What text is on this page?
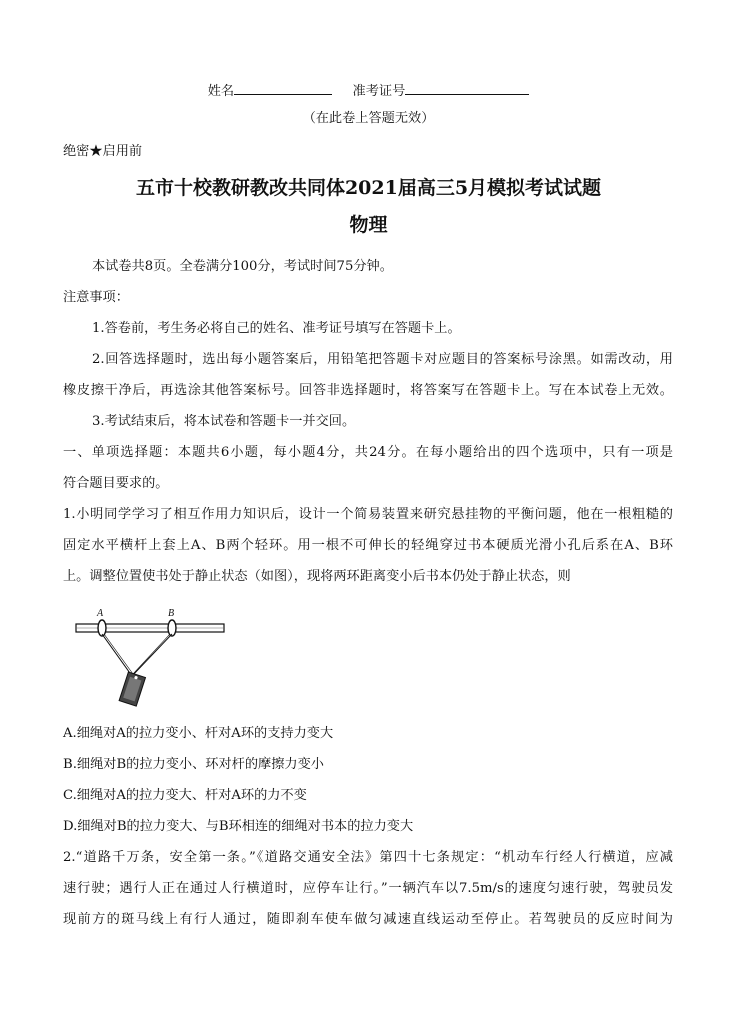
姓名	准考证号
（在此卷上答题无效）
绝密★启用前
五市十校教研教改共同体2021届高三5月模拟考试试题
物理
本试卷共8页。全卷满分100分，考试时间75分钟。
注意事项：
1.答卷前，考生务必将自己的姓名、准考证号填写在答题卡上。
2.回答选择题时，选出每小题答案后，用铅笔把答题卡对应题目的答案标号涂黑。如需改动，用
橡皮擦干净后，再选涂其他答案标号。回答非选择题时，将答案写在答题卡上。写在本试卷上无效。
3.考试结束后，将本试卷和答题卡一并交回。
一、单项选择题：本题共6小题，每小题4分，共24分。在每小题给出的四个选项中，只有一项是
符合题目要求的。
1.小明同学学习了相互作用力知识后，设计一个简易装置来研究悬挂物的平衡问题，他在一根粗糙的
固定水平横杆上套上A、B两个轻环。用一根不可伸长的轻绳穿过书本硬质光滑小孔后系在A、B环
上。调整位置使书处于静止状态（如图），现将两环距离变小后书本仍处于静止状态，则
A	B
A.细绳对A的拉力变小、杆对A环的支持力变大
B.细绳对B的拉力变小、环对杆的摩擦力变小
C.细绳对A的拉力变大、杆对A环的力不变
D.细绳对B的拉力变大、与B环相连的细绳对书本的拉力变大
2.“道路千万条，安全第一条。”《道路交通安全法》第四十七条规定：“机动车行经人行横道，应减
速行驶；遇行人正在通过人行横道时，应停车让行。”一辆汽车以7.5m/s的速度匀速行驶，驾驶员发
现前方的斑马线上有行人通过，随即刹车使车做匀减速直线运动至停止。若驾驶员的反应时间为
